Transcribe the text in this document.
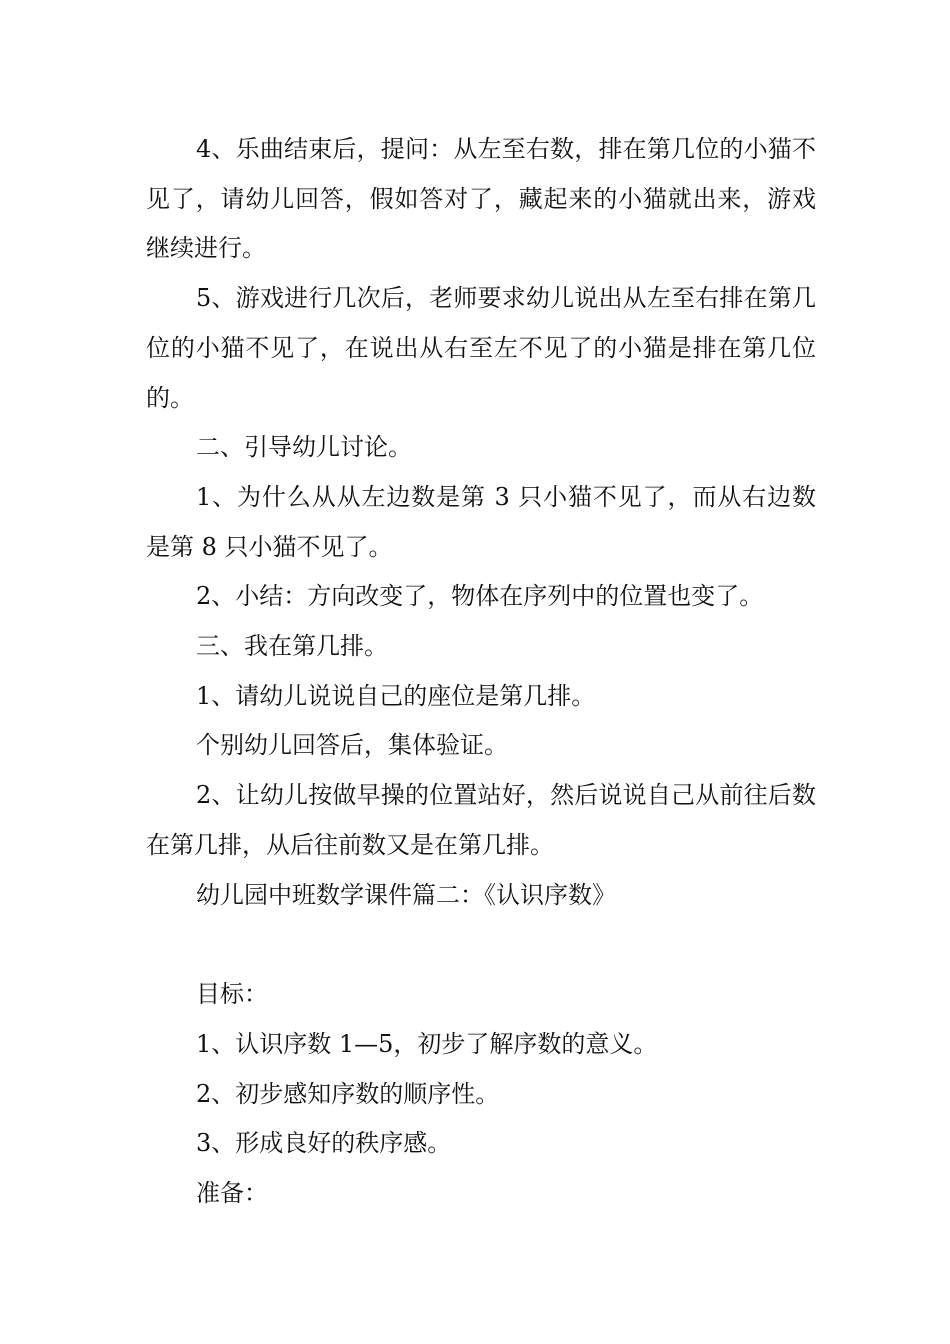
4、乐曲结束后，提问：从左至右数，排在第几位的小猫不见了，请幼儿回答，假如答对了，藏起来的小猫就出来，游戏继续进行。

5、游戏进行几次后，老师要求幼儿说出从左至右排在第几位的小猫不见了，在说出从右至左不见了的小猫是排在第几位的。

二、引导幼儿讨论。

1、为什么从从左边数是第 3 只小猫不见了，而从右边数是第 8 只小猫不见了。

2、小结：方向改变了，物体在序列中的位置也变了。

三、我在第几排。

1、请幼儿说说自己的座位是第几排。

个别幼儿回答后，集体验证。

2、让幼儿按做早操的位置站好，然后说说自己从前往后数在第几排，从后往前数又是在第几排。

幼儿园中班数学课件篇二：《认识序数》

目标：

1、认识序数 1—5，初步了解序数的意义。

2、初步感知序数的顺序性。

3、形成良好的秩序感。

准备：
